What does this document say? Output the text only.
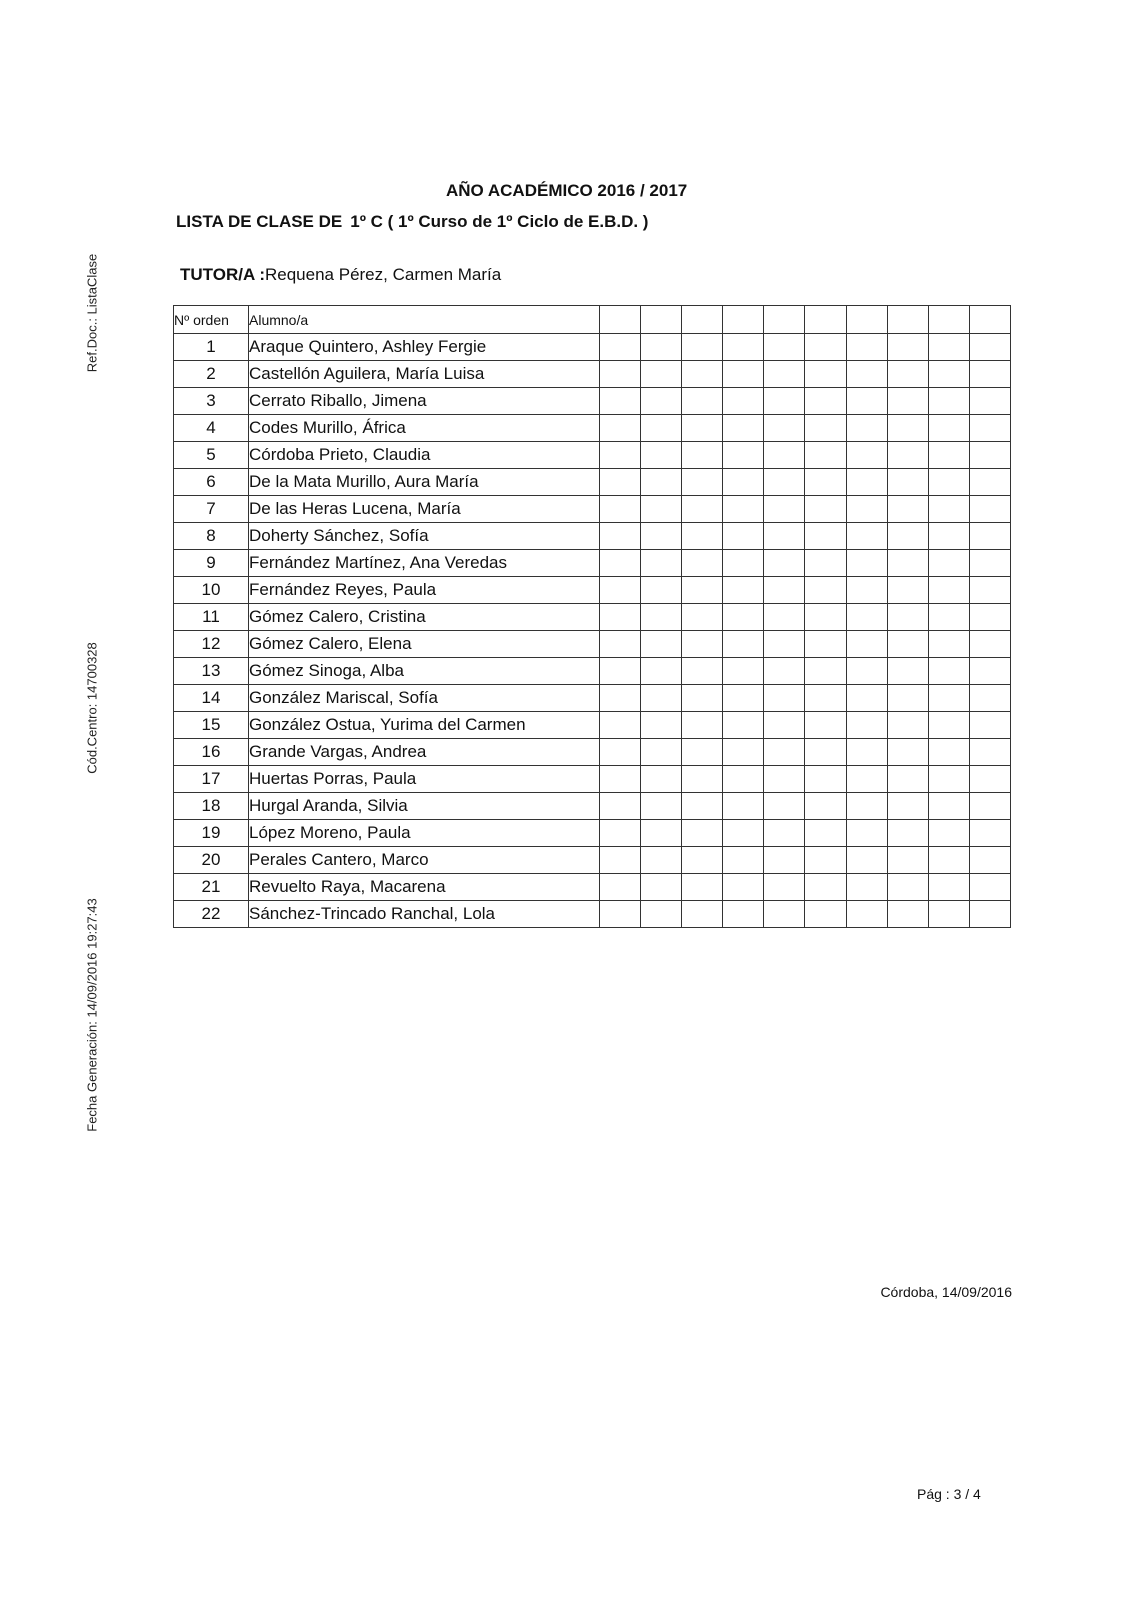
Ref.Doc.: ListaClase
Cód.Centro: 14700328
Fecha Generación: 14/09/2016 19:27:43
AÑO ACADÉMICO 2016 / 2017
LISTA DE CLASE DE 1º C ( 1º Curso de 1º Ciclo de E.B.D. )
TUTOR/A :Requena Pérez, Carmen María
Nº orden	Alumno/a										
1	Araque Quintero, Ashley Fergie										
2	Castellón Aguilera, María Luisa										
3	Cerrato Riballo, Jimena										
4	Codes Murillo, África										
5	Córdoba Prieto, Claudia										
6	De la Mata Murillo, Aura María										
7	De las Heras Lucena, María										
8	Doherty Sánchez, Sofía										
9	Fernández Martínez, Ana Veredas										
10	Fernández Reyes, Paula										
11	Gómez Calero, Cristina										
12	Gómez Calero, Elena										
13	Gómez Sinoga, Alba										
14	González Mariscal, Sofía										
15	González Ostua, Yurima del Carmen										
16	Grande Vargas, Andrea										
17	Huertas Porras, Paula										
18	Hurgal Aranda, Silvia										
19	López Moreno, Paula										
20	Perales Cantero, Marco										
21	Revuelto Raya, Macarena										
22	Sánchez-Trincado Ranchal, Lola										
Córdoba, 14/09/2016
Pág : 3 / 4
